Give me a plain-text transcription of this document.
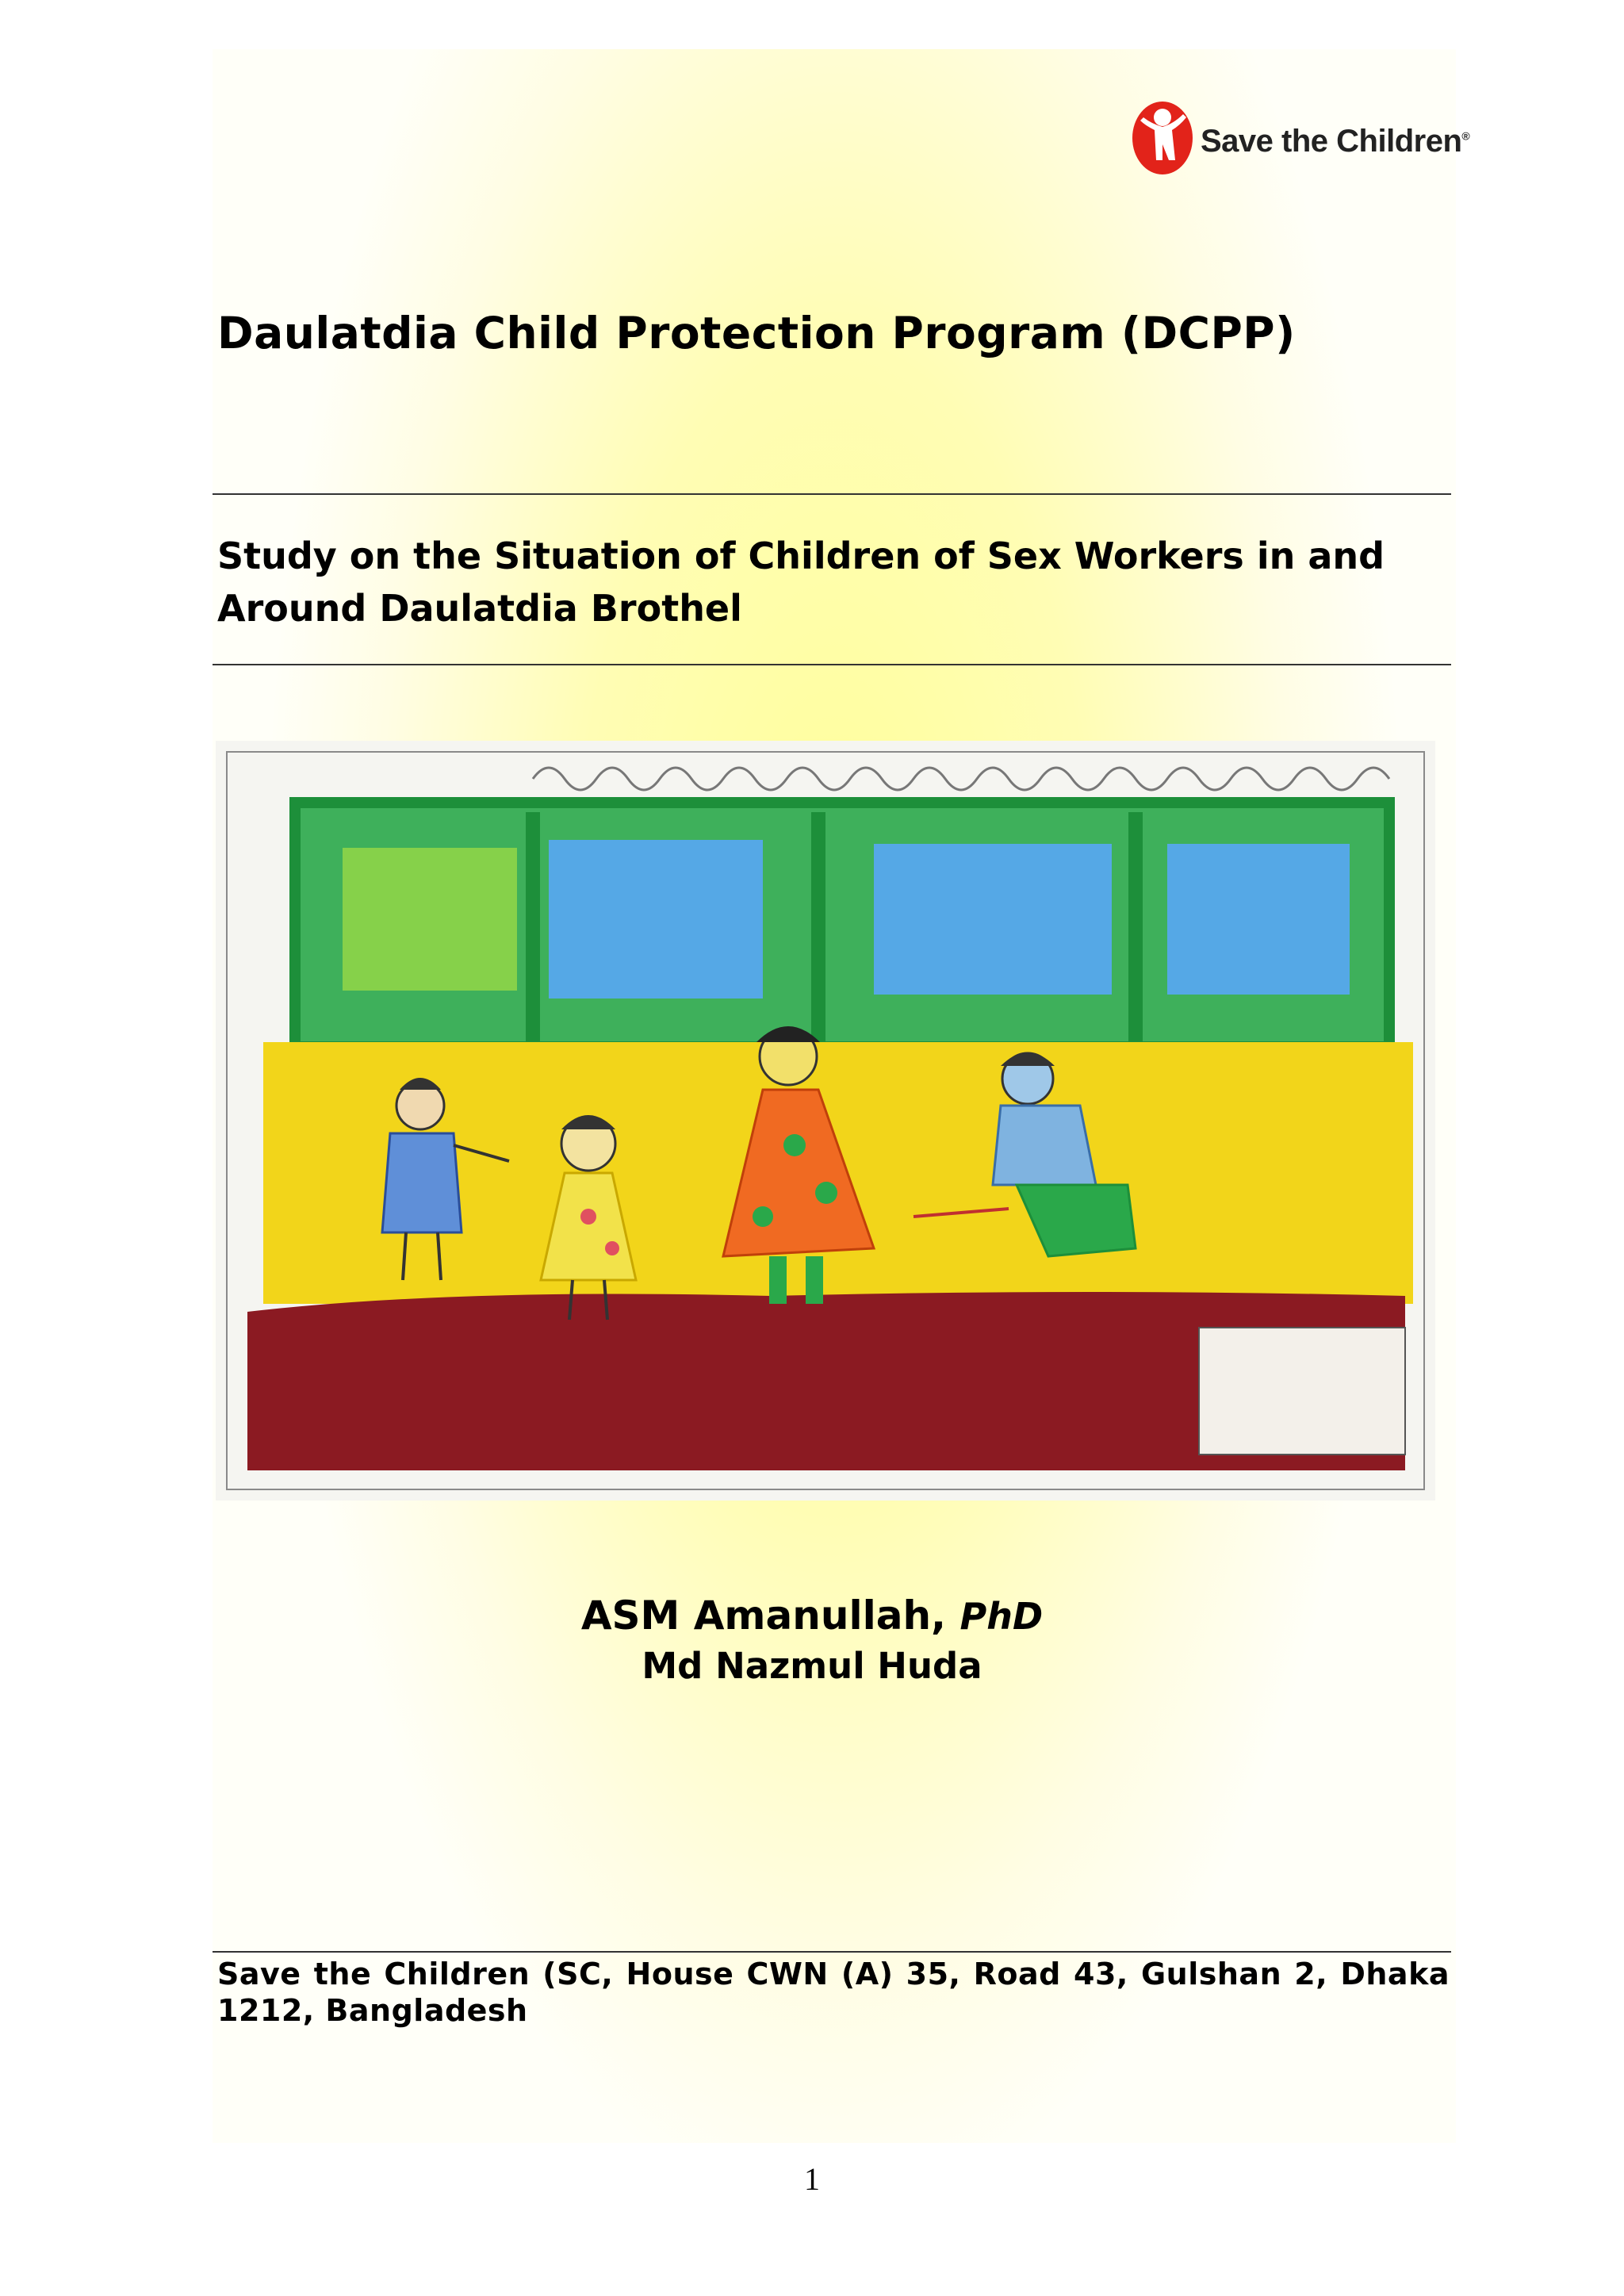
Save the Children®
Daulatdia Child Protection Program (DCPP)
Study on the Situation of Children of Sex Workers in and
Around Daulatdia Brothel
ASM Amanullah, PhD
Md Nazmul Huda
Save the Children (SC, House CWN (A) 35, Road 43, Gulshan 2, Dhaka 1212, Bangladesh
1
